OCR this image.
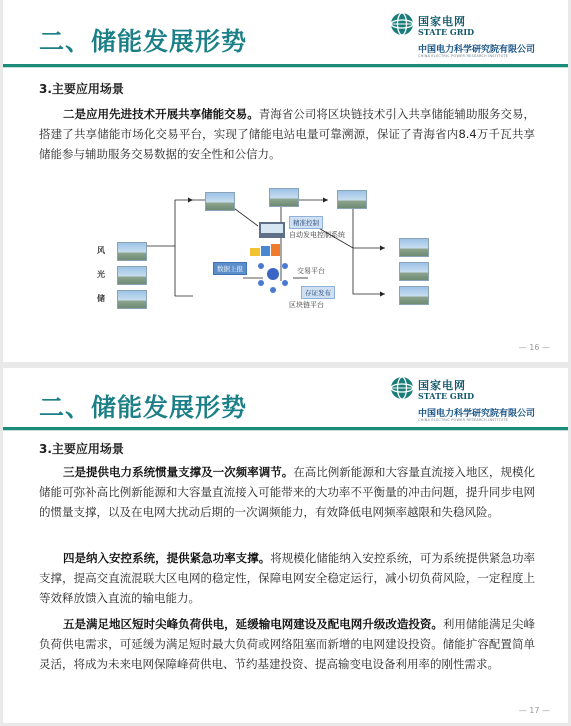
二、储能发展形势
国家电网
STATE GRID
中国电力科学研究院有限公司
CHINA ELECTRIC POWER RESEARCH INSTITUTE
3.主要应用场景
二是应用先进技术开展共享储能交易。青海省公司将区块链技术引入共享储能辅助服务交易，搭建了共享储能市场化交易平台，实现了储能电站电量可靠溯源，保证了青海省内8.4万千瓦共享储能参与辅助服务交易数据的安全性和公信力。
风
光
储
精准控制
自动发电控制系统
交易平台
数据上报
存证发布
区块链平台
— 16 —
二、储能发展形势
国家电网
STATE GRID
中国电力科学研究院有限公司
CHINA ELECTRIC POWER RESEARCH INSTITUTE
3.主要应用场景
三是提供电力系统惯量支撑及一次频率调节。在高比例新能源和大容量直流接入地区，规模化储能可弥补高比例新能源和大容量直流接入可能带来的大功率不平衡量的冲击问题，提升同步电网的惯量支撑，以及在电网大扰动后期的一次调频能力，有效降低电网频率越限和失稳风险。
四是纳入安控系统，提供紧急功率支撑。将规模化储能纳入安控系统，可为系统提供紧急功率支撑，提高交直流混联大区电网的稳定性，保障电网安全稳定运行，减小切负荷风险，一定程度上等效释放馈入直流的输电能力。
五是满足地区短时尖峰负荷供电，延缓输电网建设及配电网升级改造投资。利用储能满足尖峰负荷供电需求，可延缓为满足短时最大负荷或网络阻塞而新增的电网建设投资。储能扩容配置简单灵活，将成为未来电网保障峰荷供电、节约基建投资、提高输变电设备利用率的刚性需求。
— 17 —
